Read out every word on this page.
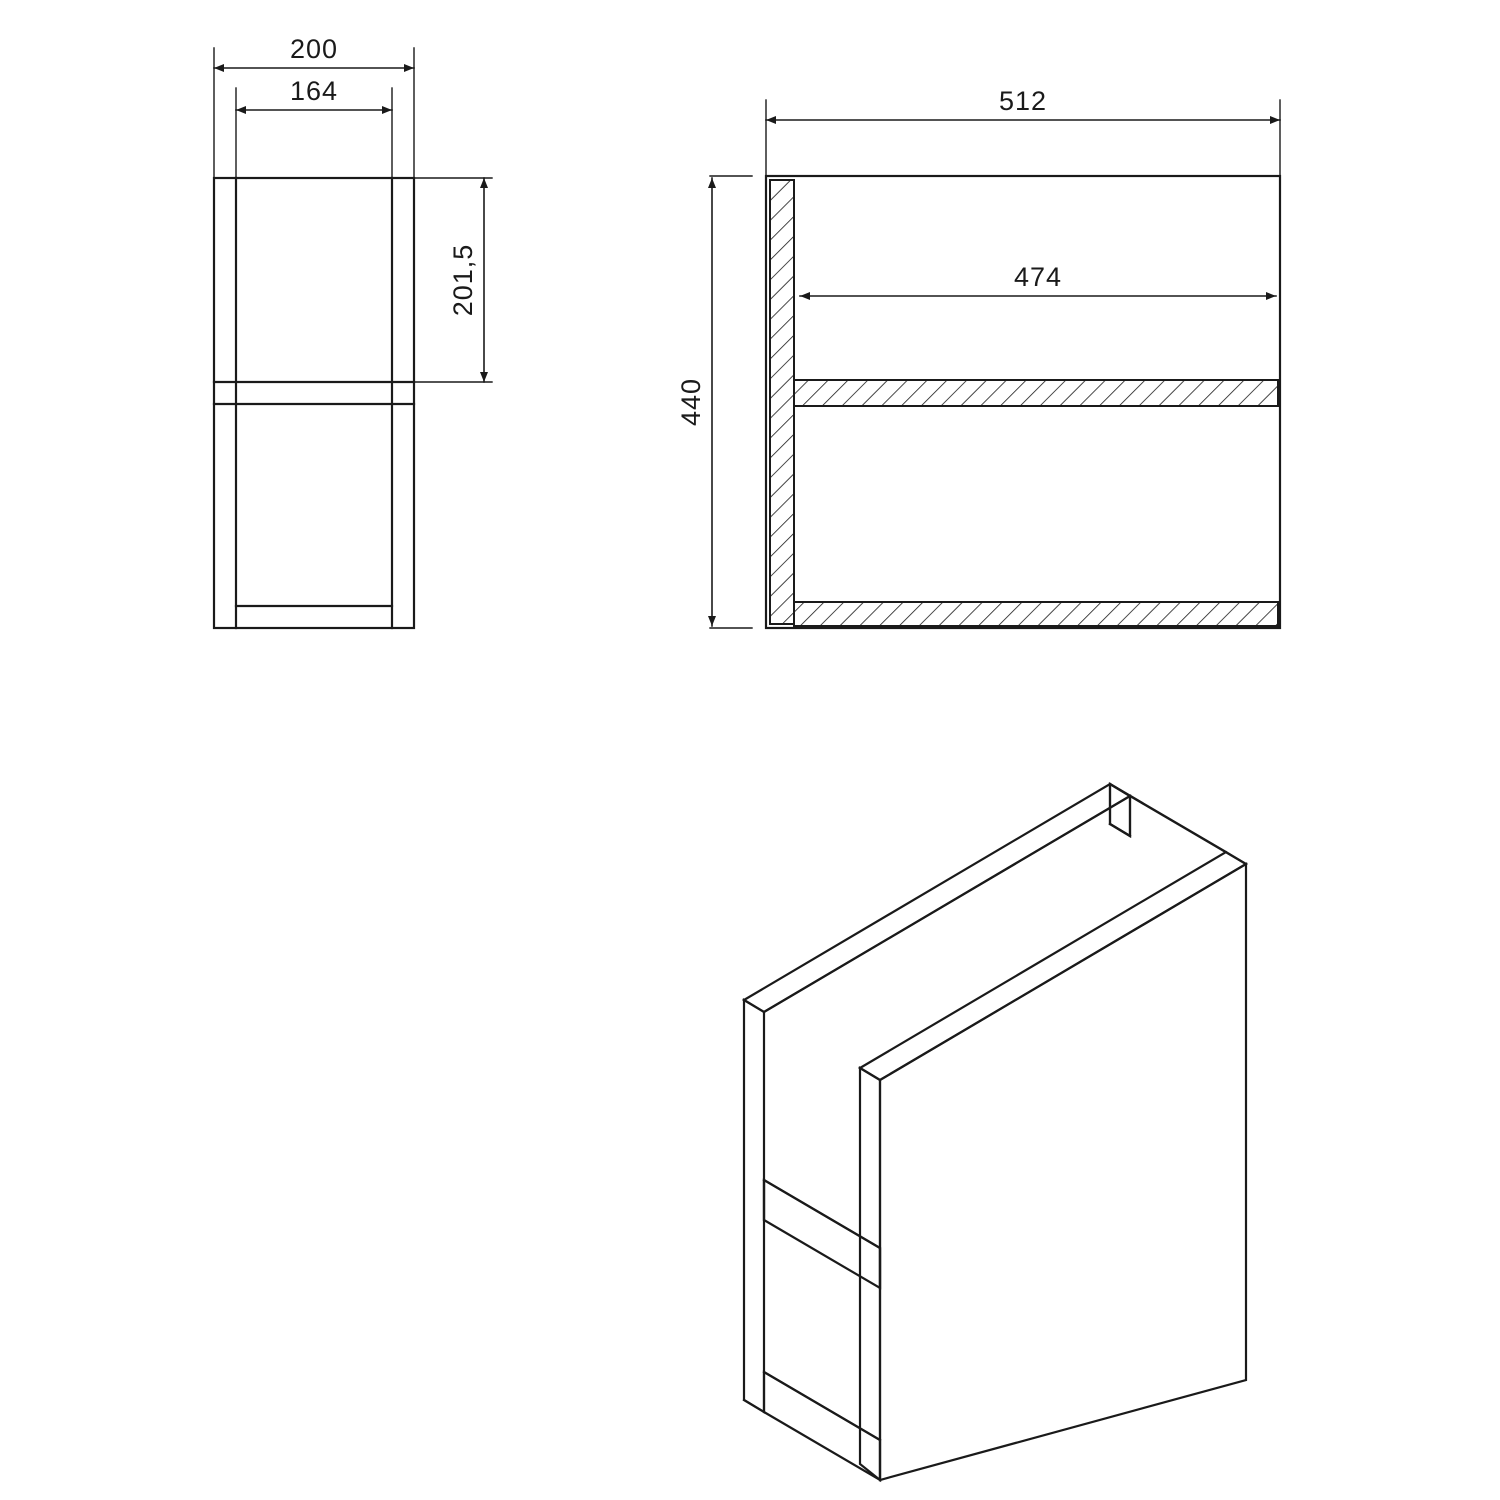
200
164
201,5
512
474
440
